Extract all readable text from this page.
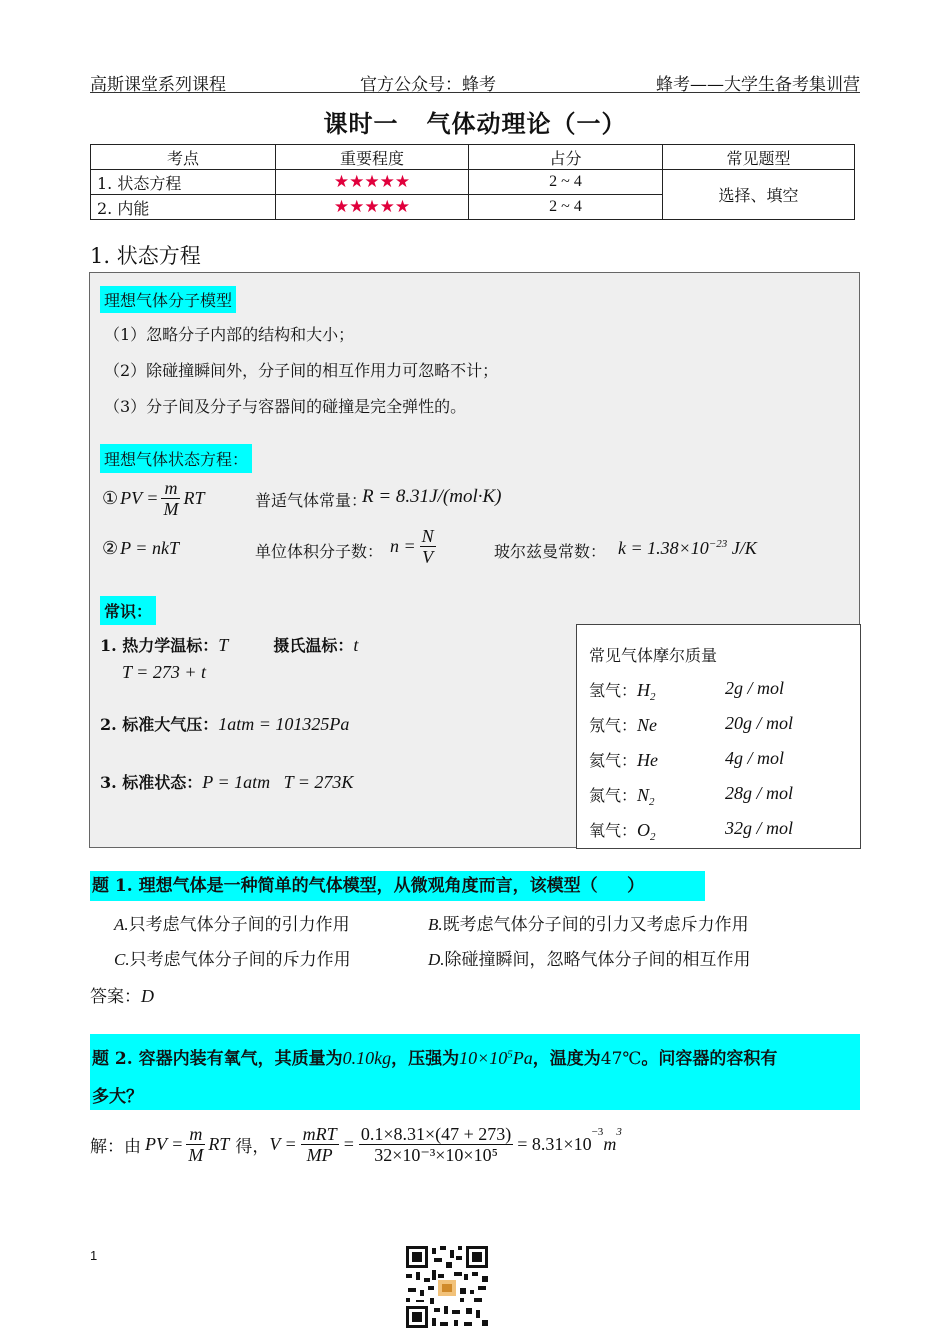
高斯课堂系列课程	官方公众号：蜂考	蜂考——大学生备考集训营
课时一   气体动理论（一）
考点	重要程度	占分	常见题型
1. 状态方程	★★★★★	2 ~ 4	选择、填空
2. 内能	★★★★★	2 ~ 4	
1. 状态方程
理想气体分子模型
（1）忽略分子内部的结构和大小；
（2）除碰撞瞬间外，分子间的相互作用力可忽略不计；
（3）分子间及分子与容器间的碰撞是完全弹性的。
理想气体状态方程：
① PV = $\frac{m}{M}$ RT	普适气体常量：
R = 8.31J/(mol·K)
② P = nkT	单位体积分子数： $n = \frac{N}{V}$	玻尔兹曼常数： $k = 1.38\times 10^{-23}$ J/K
常识：
1. 热力学温标：T	摄氏温标：t
T = 273 + t
2. 标准大气压：1atm = 101325Pa
3. 标准状态：P = 1atm   T = 273K
常见气体摩尔质量
氢气：$H_2$	2g / mol
氖气：Ne	20g / mol
氦气：He	4g / mol
氮气：$N_2$	28g / mol
氧气：$O_2$	32g / mol
题 1. 理想气体是一种简单的气体模型，从微观角度而言，该模型（     ）
A.只考虑气体分子间的引力作用	B.既考虑气体分子间的引力又考虑斥力作用
C.只考虑气体分子间的斥力作用	D.除碰撞瞬间，忽略气体分子间的相互作用
答案：D
题 2. 容器内装有氧气，其质量为0.10kg，压强为$10\times 10^5Pa$，温度为47℃。问容器的容积有
多大？
解：由 PV = $\frac{m}{M}$ RT 得， $V = \frac{\text{mRT}}{MP} = \frac{0.1\times 8.31\times(47 + 273)}{\text{32×10⁻³×10×10⁵}} = 8.31\times 10$
$^{-3}$
m
$^3$
1
